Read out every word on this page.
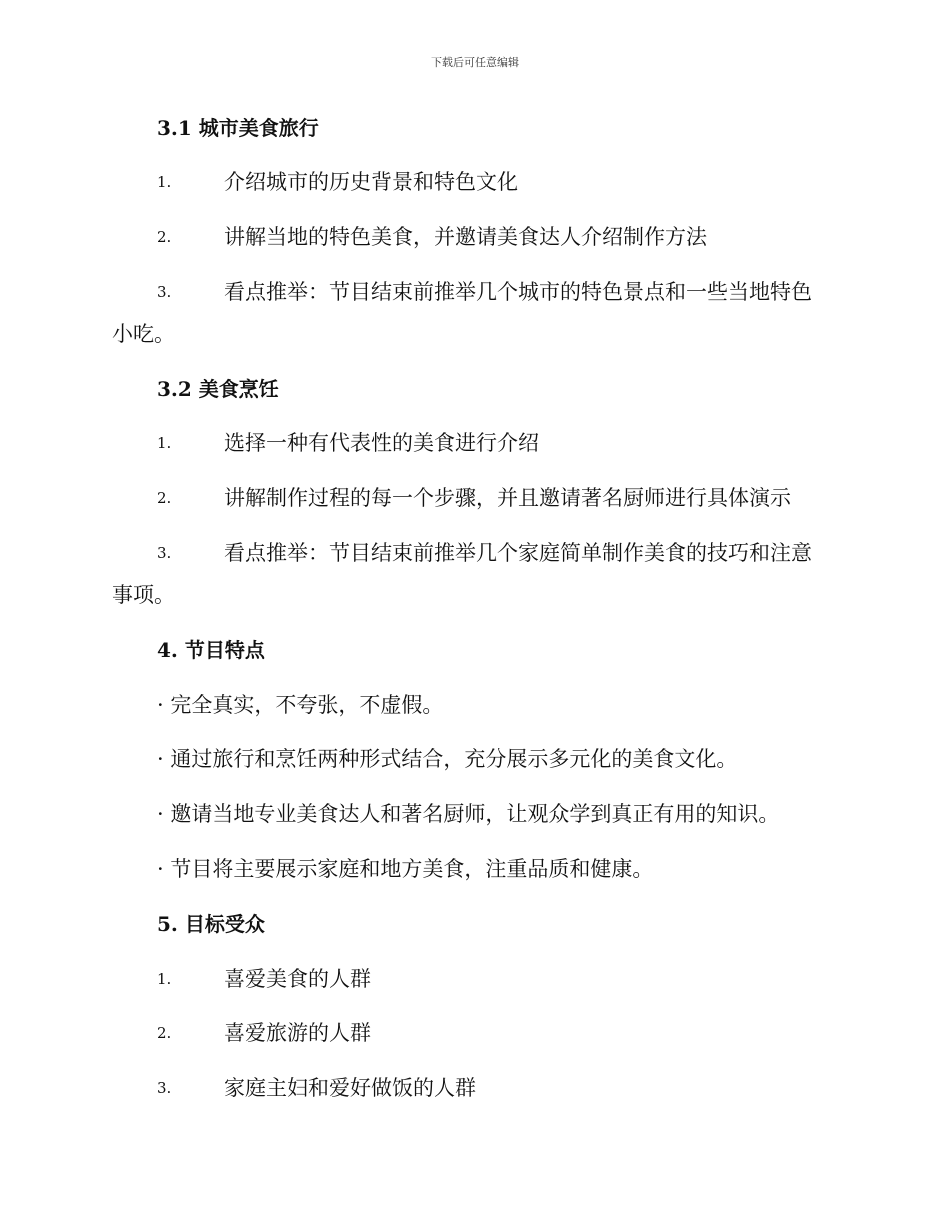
下载后可任意编辑
3.1 城市美食旅行
1.	介绍城市的历史背景和特色文化
2.	讲解当地的特色美食，并邀请美食达人介绍制作方法
3.	看点推举：节目结束前推举几个城市的特色景点和一些当地特色
小吃。
3.2 美食烹饪
1.	选择一种有代表性的美食进行介绍
2.	讲解制作过程的每一个步骤，并且邀请著名厨师进行具体演示
3.	看点推举：节目结束前推举几个家庭简单制作美食的技巧和注意
事项。
4. 节目特点
· 完全真实，不夸张，不虚假。
· 通过旅行和烹饪两种形式结合，充分展示多元化的美食文化。
· 邀请当地专业美食达人和著名厨师，让观众学到真正有用的知识。
· 节目将主要展示家庭和地方美食，注重品质和健康。
5. 目标受众
1.	喜爱美食的人群
2.	喜爱旅游的人群
3.	家庭主妇和爱好做饭的人群
